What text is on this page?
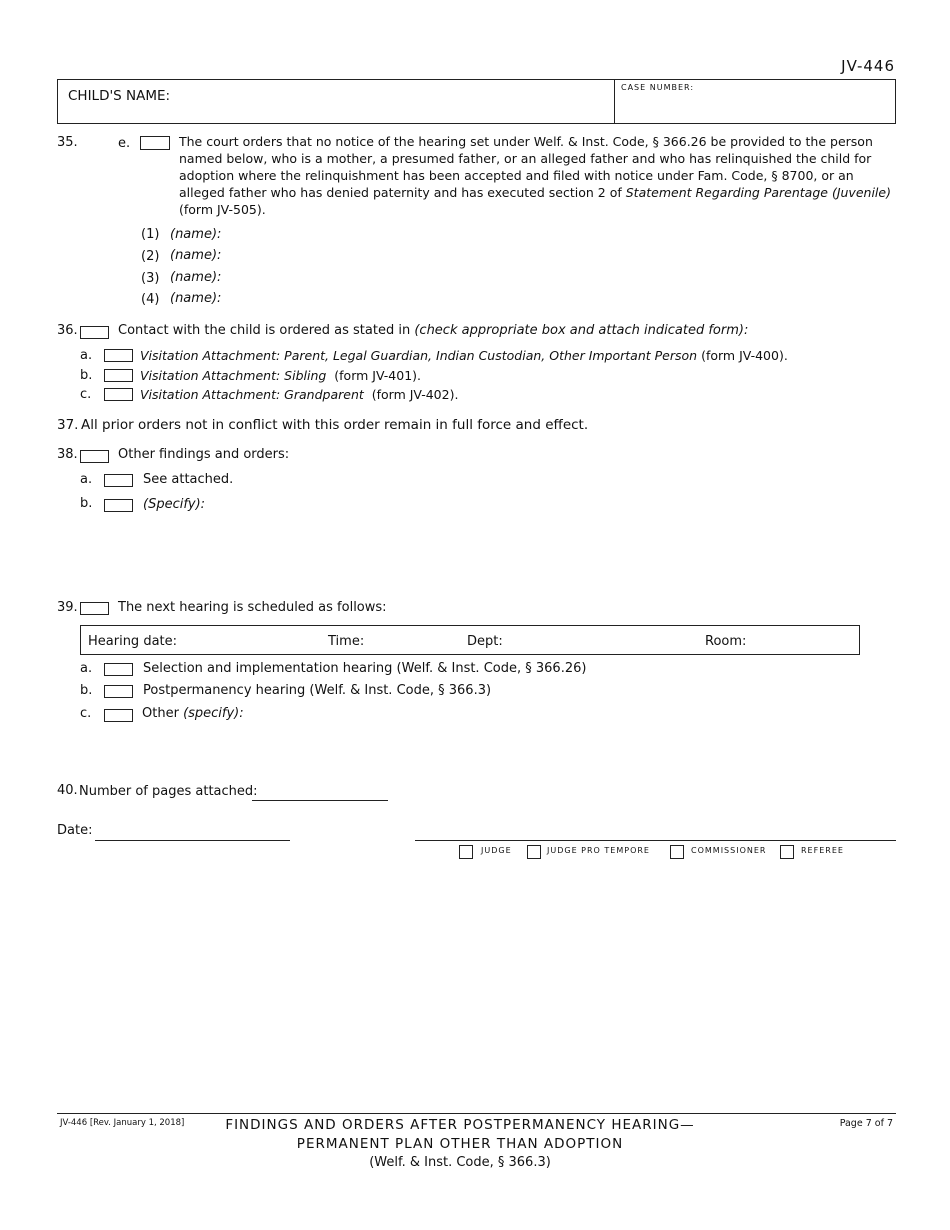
JV-446
CHILD'S NAME:
CASE NUMBER:
35.	e.	The court orders that no notice of the hearing set under Welf. & Inst. Code, § 366.26 be provided to the person named below, who is a mother, a presumed father, or an alleged father and who has relinquished the child for adoption where the relinquishment has been accepted and filed with notice under Fam. Code, § 8700, or an alleged father who has denied paternity and has executed section 2 of Statement Regarding Parentage (Juvenile) (form JV-505).
(1) (name):
(2) (name):
(3) (name):
(4) (name):
36.	Contact with the child is ordered as stated in (check appropriate box and attach indicated form):
a.	Visitation Attachment: Parent, Legal Guardian, Indian Custodian, Other Important Person (form JV-400).
b.	Visitation Attachment: Sibling (form JV-401).
c.	Visitation Attachment: Grandparent (form JV-402).
37. All prior orders not in conflict with this order remain in full force and effect.
38.	Other findings and orders:
a.	See attached.
b.	(Specify):
39.	The next hearing is scheduled as follows:
Hearing date:	Time:	Dept:	Room:
a.	Selection and implementation hearing (Welf. & Inst. Code, § 366.26)
b.	Postpermanency hearing (Welf. & Inst. Code, § 366.3)
c.	Other (specify):
40. Number of pages attached:
Date:
JUDGE	JUDGE PRO TEMPORE	COMMISSIONER	REFEREE
JV-446 [Rev. January 1, 2018]	FINDINGS AND ORDERS AFTER POSTPERMANENCY HEARING—
PERMANENT PLAN OTHER THAN ADOPTION
(Welf. & Inst. Code, § 366.3)
Page 7 of 7
